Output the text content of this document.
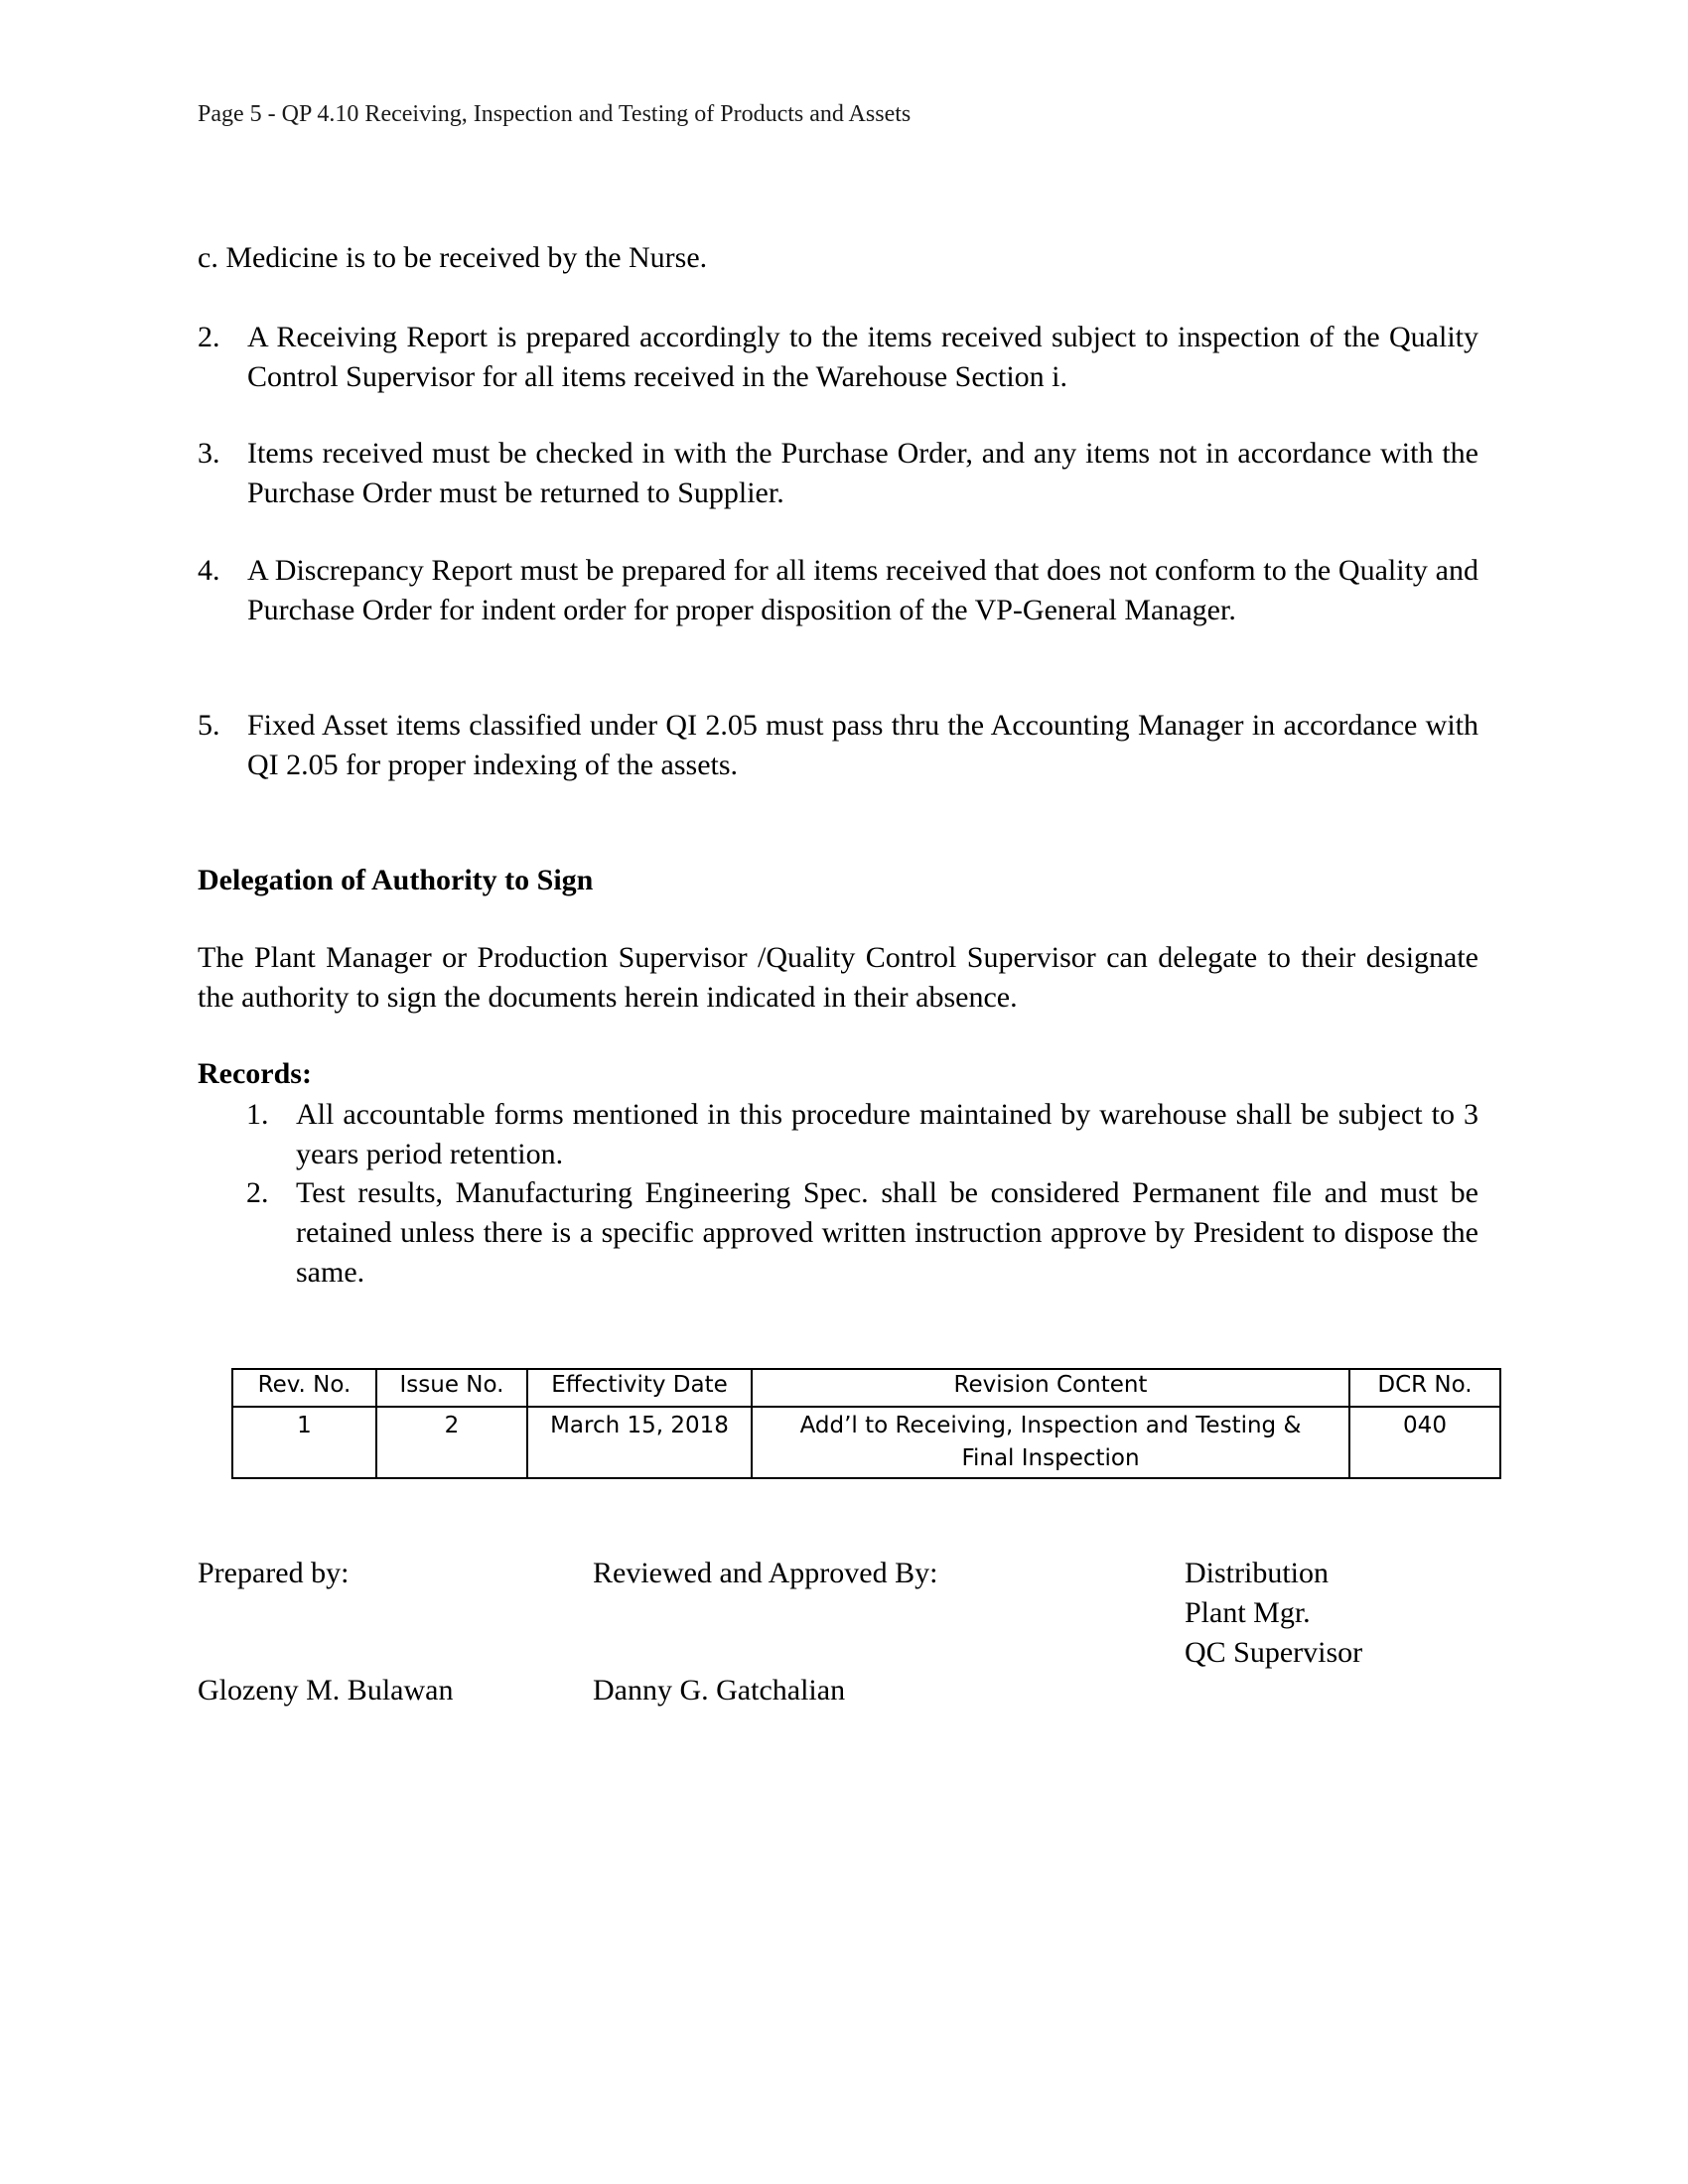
Page 5 - QP 4.10 Receiving, Inspection and Testing of Products and Assets
c. Medicine is to be received by the Nurse.
2. A Receiving Report is prepared accordingly to the items received subject to inspection of the Quality Control Supervisor for all items received in the Warehouse Section i.
3. Items received must be checked in with the Purchase Order, and any items not in accordance with the Purchase Order must be returned to Supplier.
4. A Discrepancy Report must be prepared for all items received that does not conform to the Quality and Purchase Order for indent order for proper disposition of the VP-General Manager.
5. Fixed Asset items classified under QI 2.05 must pass thru the Accounting Manager in accordance with QI 2.05 for proper indexing of the assets.
Delegation of Authority to Sign
The Plant Manager or Production Supervisor /Quality Control Supervisor can delegate to their designate the authority to sign the documents herein indicated in their absence.
Records:
1. All accountable forms mentioned in this procedure maintained by warehouse shall be subject to 3 years period retention.
2. Test results, Manufacturing Engineering Spec. shall be considered Permanent file and must be retained unless there is a specific approved written instruction approve by President to dispose the same.
Rev. No.	Issue No.	Effectivity Date	Revision Content	DCR No.
1	2	March 15, 2018	Add’l to Receiving, Inspection and Testing &
Final Inspection	040
Prepared by:
Glozeny M. Bulawan
Reviewed and Approved By:
Danny G. Gatchalian
Distribution
Plant Mgr.
QC Supervisor
